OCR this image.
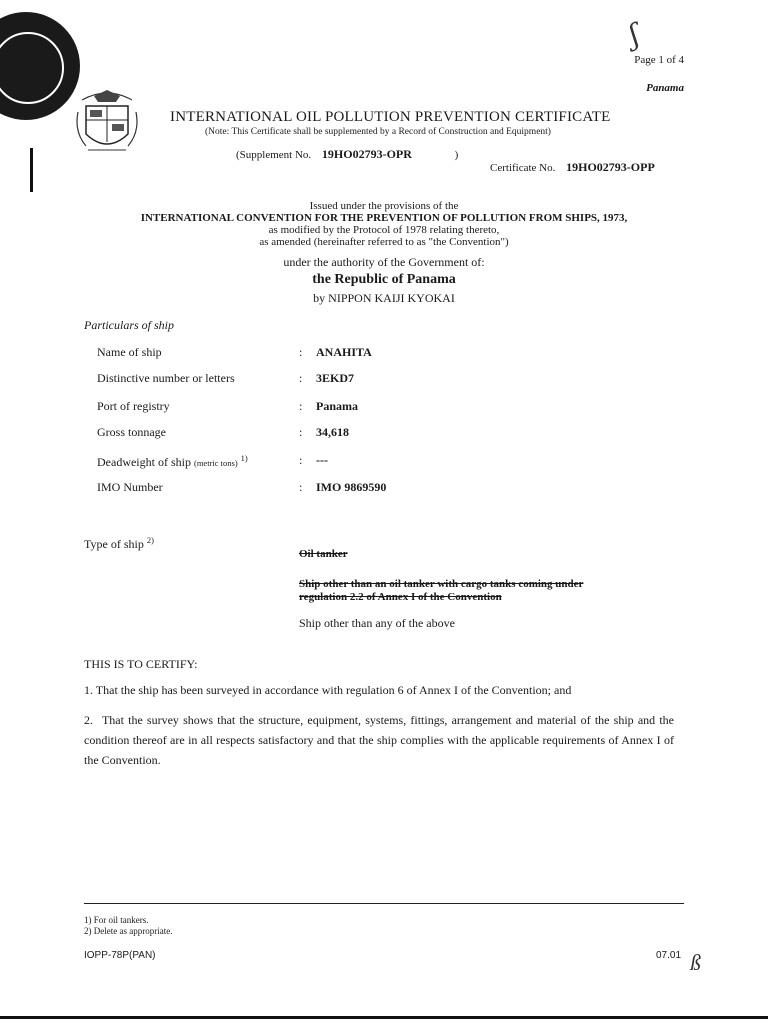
ʃ
Page 1 of 4
Panama
INTERNATIONAL OIL POLLUTION PREVENTION CERTIFICATE
(Note: This Certificate shall be supplemented by a Record of Construction and Equipment)
(Supplement No. 19HO02793-OPR	)
Certificate No. 19HO02793-OPP
Issued under the provisions of the
INTERNATIONAL CONVENTION FOR THE PREVENTION OF POLLUTION FROM SHIPS, 1973,
as modified by the Protocol of 1978 relating thereto,
as amended (hereinafter referred to as "the Convention")
under the authority of the Government of:
the Republic of Panama
by NIPPON KAIJI KYOKAI
Particulars of ship
Name of ship	: ANAHITA
Distinctive number or letters	: 3EKD7
Port of registry	: Panama
Gross tonnage	: 34,618
Deadweight of ship (metric tons) $^{1)}$	: ---
IMO Number	: IMO 9869590
Type of ship $^{2)}$
Oil tanker
Ship other than an oil tanker with cargo tanks coming under regulation 2.2 of Annex I of the Convention
Ship other than any of the above
THIS IS TO CERTIFY:
1. That the ship has been surveyed in accordance with regulation 6 of Annex I of the Convention; and
2. That the survey shows that the structure, equipment, systems, fittings, arrangement and material of the ship and the condition thereof are in all respects satisfactory and that the ship complies with the applicable requirements of Annex I of the Convention.
1) For oil tankers.
2) Delete as appropriate.
IOPP-78P(PAN)	07.01 ß
